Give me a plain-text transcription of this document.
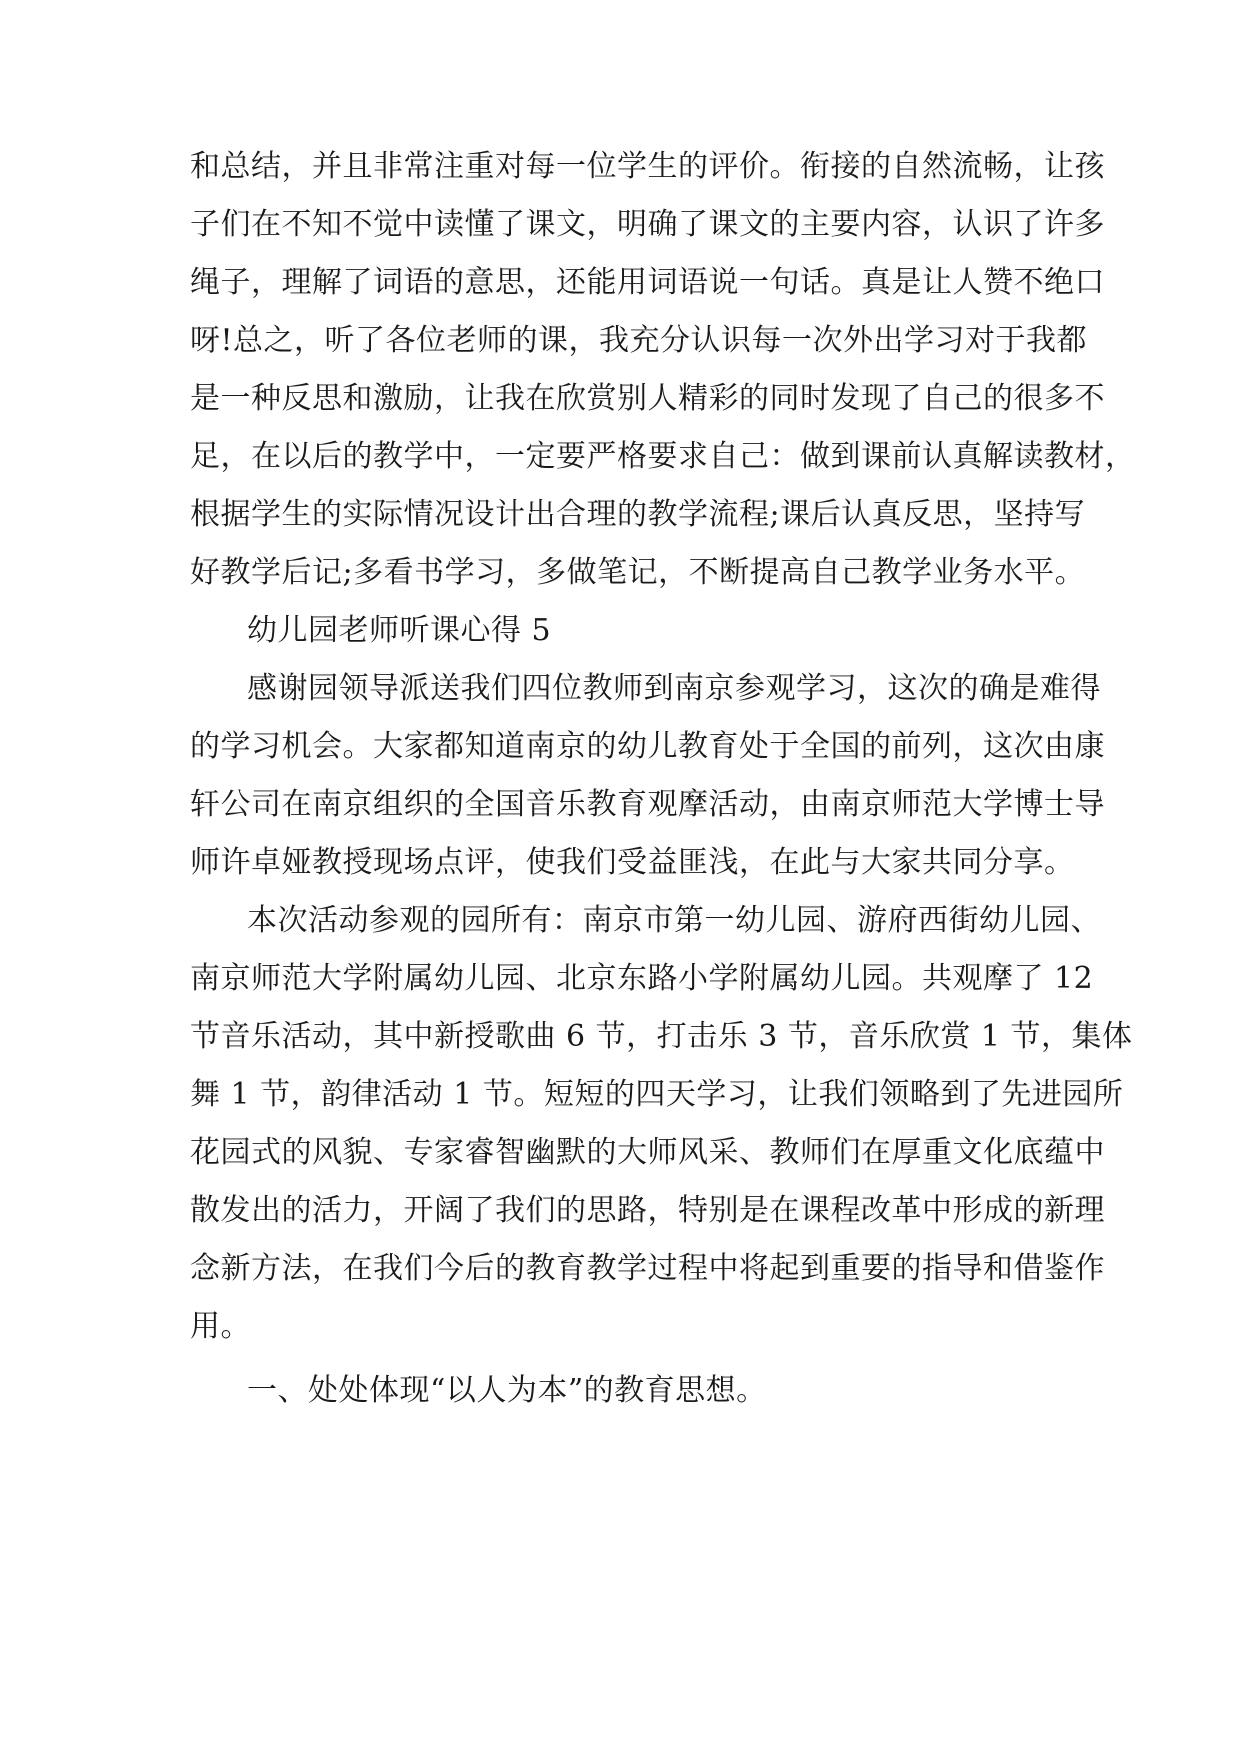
和总结，并且非常注重对每一位学生的评价。衔接的自然流畅，让孩
子们在不知不觉中读懂了课文，明确了课文的主要内容，认识了许多
绳子，理解了词语的意思，还能用词语说一句话。真是让人赞不绝口
呀!总之，听了各位老师的课，我充分认识每一次外出学习对于我都
是一种反思和激励，让我在欣赏别人精彩的同时发现了自己的很多不
足，在以后的教学中，一定要严格要求自己：做到课前认真解读教材，
根据学生的实际情况设计出合理的教学流程;课后认真反思，坚持写
好教学后记;多看书学习，多做笔记，不断提高自己教学业务水平。
幼儿园老师听课心得 5
感谢园领导派送我们四位教师到南京参观学习，这次的确是难得
的学习机会。大家都知道南京的幼儿教育处于全国的前列，这次由康
轩公司在南京组织的全国音乐教育观摩活动，由南京师范大学博士导
师许卓娅教授现场点评，使我们受益匪浅，在此与大家共同分享。
本次活动参观的园所有：南京市第一幼儿园、游府西街幼儿园、
南京师范大学附属幼儿园、北京东路小学附属幼儿园。共观摩了 12
节音乐活动，其中新授歌曲 6 节，打击乐 3 节，音乐欣赏 1 节，集体
舞 1 节，韵律活动 1 节。短短的四天学习，让我们领略到了先进园所
花园式的风貌、专家睿智幽默的大师风采、教师们在厚重文化底蕴中
散发出的活力，开阔了我们的思路，特别是在课程改革中形成的新理
念新方法，在我们今后的教育教学过程中将起到重要的指导和借鉴作
用。
一、处处体现“以人为本”的教育思想。
